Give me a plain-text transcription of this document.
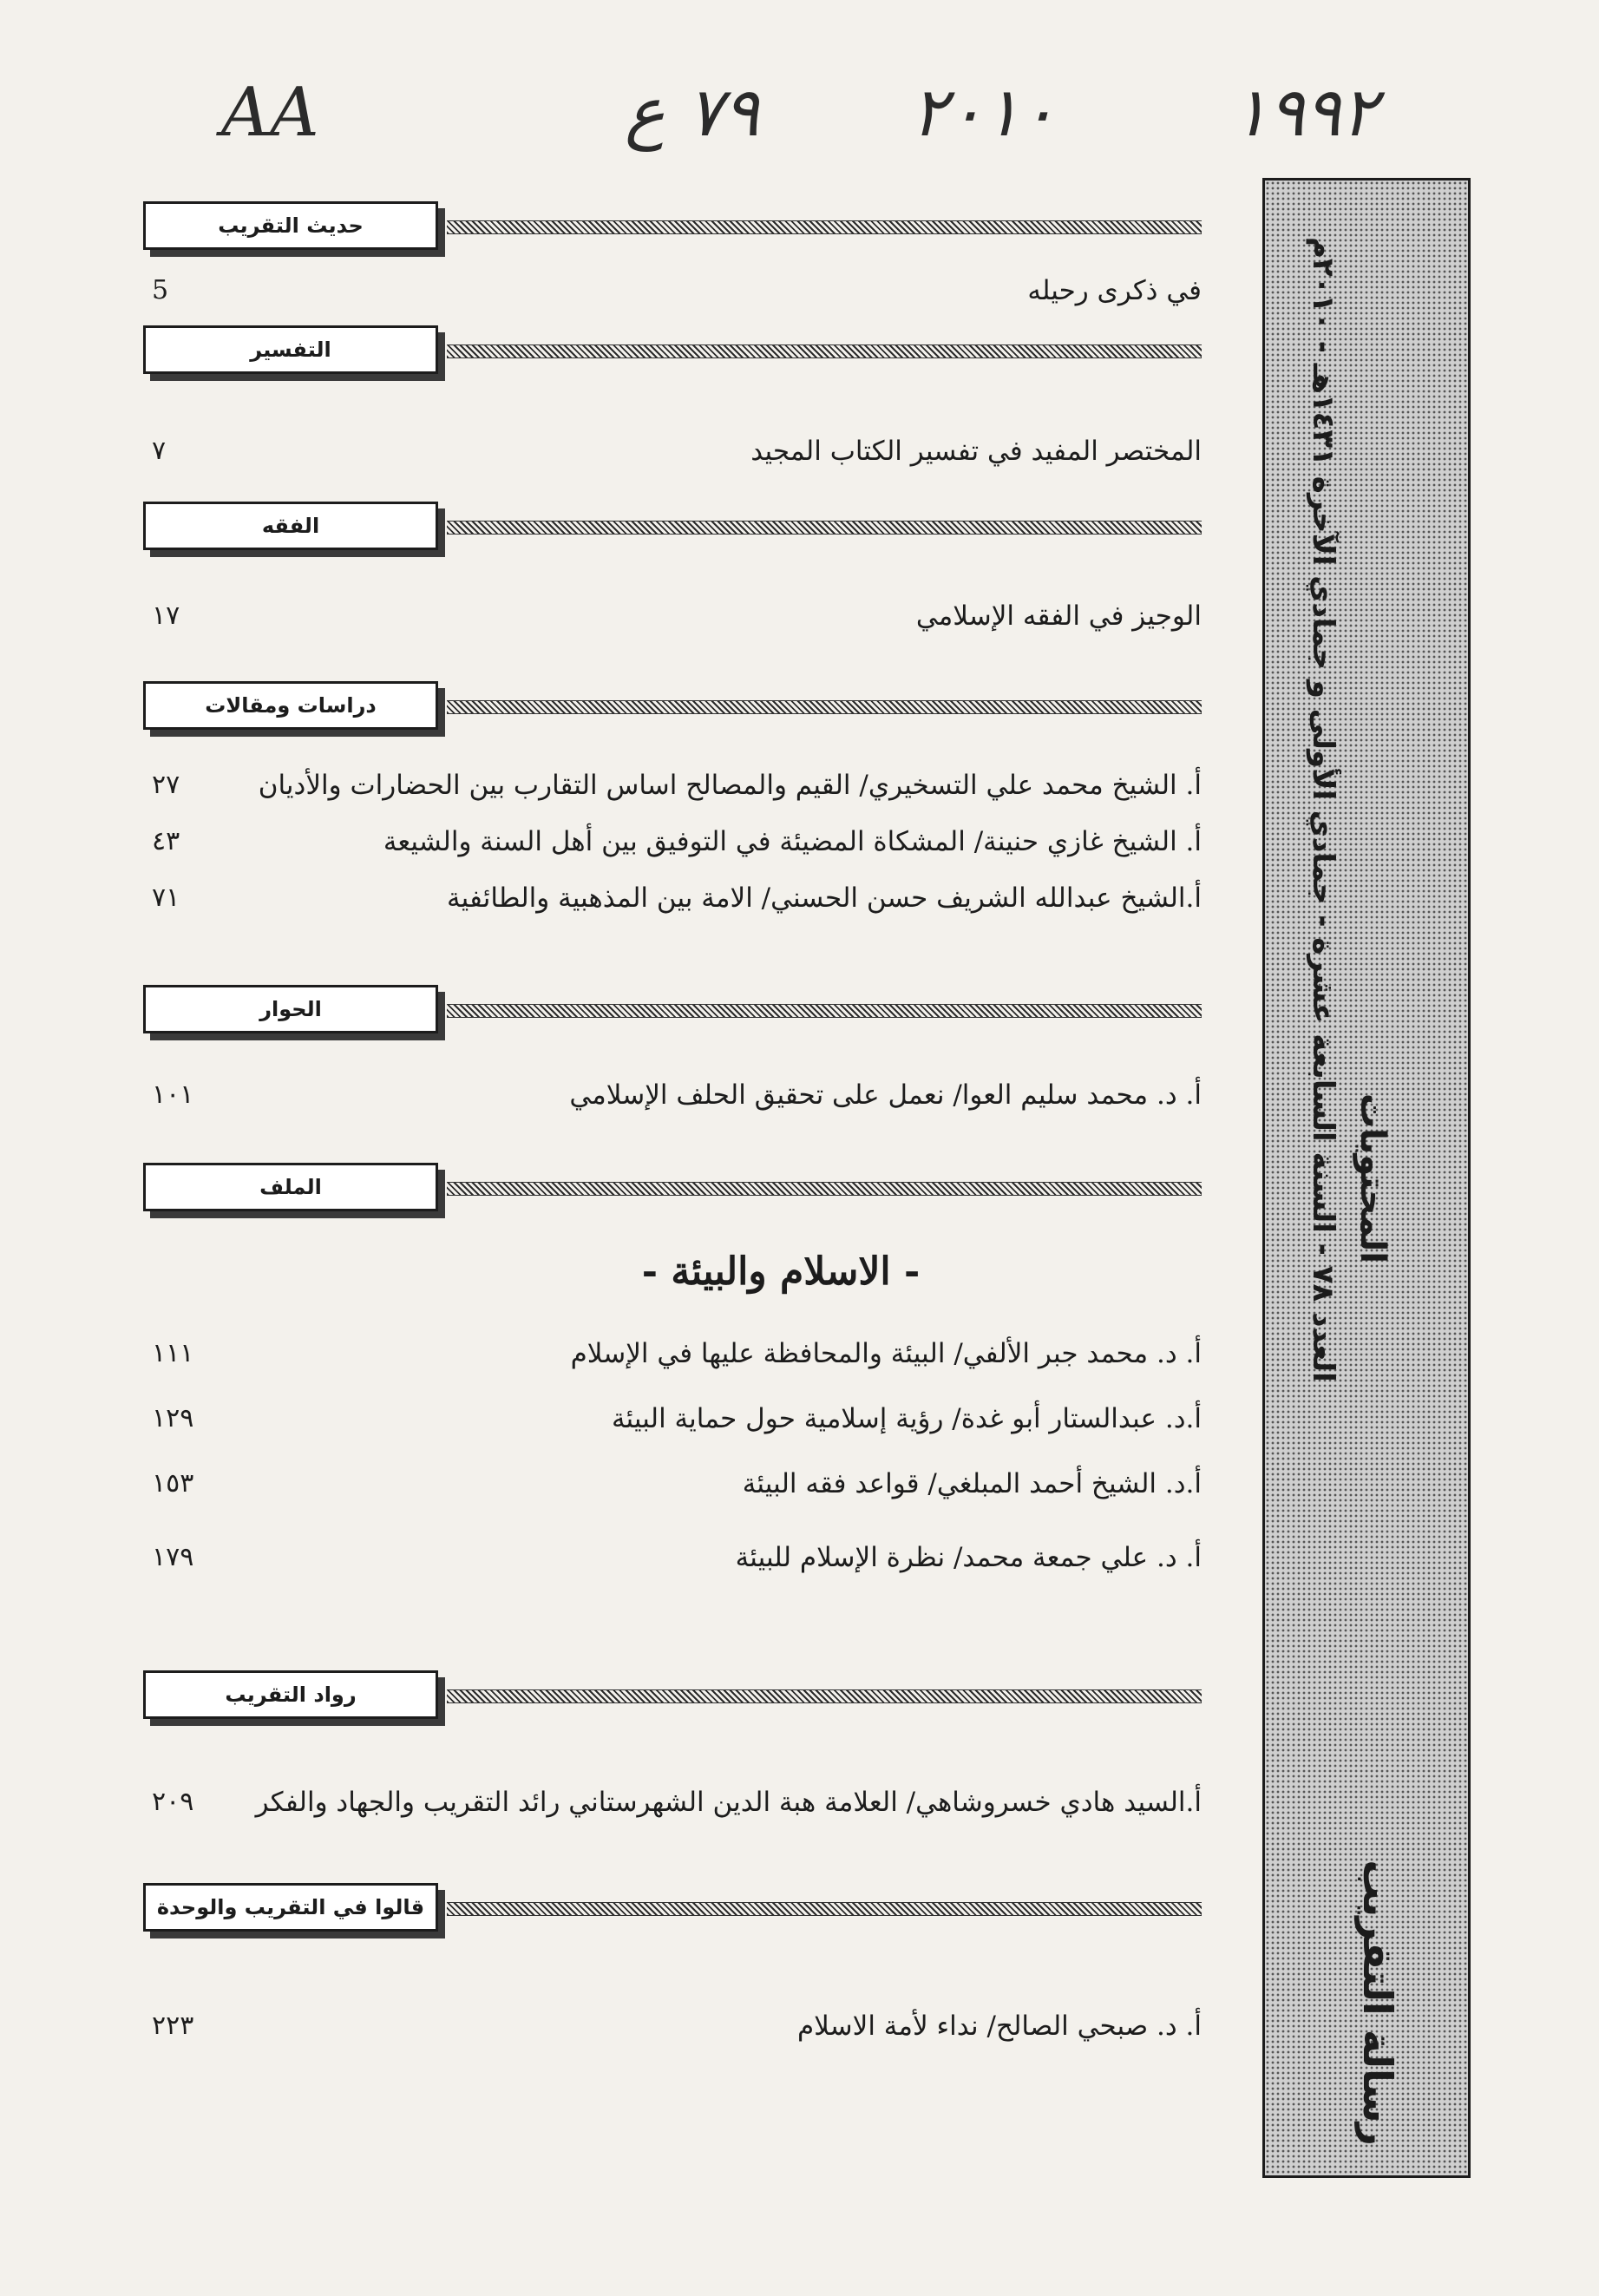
AA	٧٩ ع ٢٠١٠	١٩٩٢
رسالة التقريب
المحتويات
العدد ٧٨ - السنة السابعة عشرة - جمادي الأولى و جمادي الآخرة ١٤٣١هـ - ٢٠١٠م
حديث التقريب
في ذكرى رحيله
5
التفسير
المختصر المفيد في تفسير الكتاب المجيد
٧
الفقه
الوجيز في الفقه الإسلامي
١٧
دراسات ومقالات
أ. الشيخ محمد علي التسخيري/ القيم والمصالح اساس التقارب بين الحضارات والأديان
٢٧
أ. الشيخ غازي حنينة/ المشكاة المضيئة في التوفيق بين أهل السنة والشيعة
٤٣
أ.الشيخ عبدالله الشريف حسن الحسني/ الامة بين المذهبية والطائفية
٧١
الحوار
أ. د. محمد سليم العوا/ نعمل على تحقيق الحلف الإسلامي
١٠١
الملف
- الاسلام والبيئة -
أ. د. محمد جبر الألفي/ البيئة والمحافظة عليها في الإسلام
١١١
أ.د. عبدالستار أبو غدة/ رؤية إسلامية حول حماية البيئة
١٢٩
أ.د. الشيخ أحمد المبلغي/ قواعد فقه البيئة
١٥٣
أ. د. علي جمعة محمد/ نظرة الإسلام للبيئة
١٧٩
رواد التقريب
أ.السيد هادي خسروشاهي/ العلامة هبة الدين الشهرستاني رائد التقريب والجهاد والفكر
٢٠٩
قالوا في التقريب والوحدة
أ. د. صبحي الصالح/ نداء لأمة الاسلام
٢٢٣
